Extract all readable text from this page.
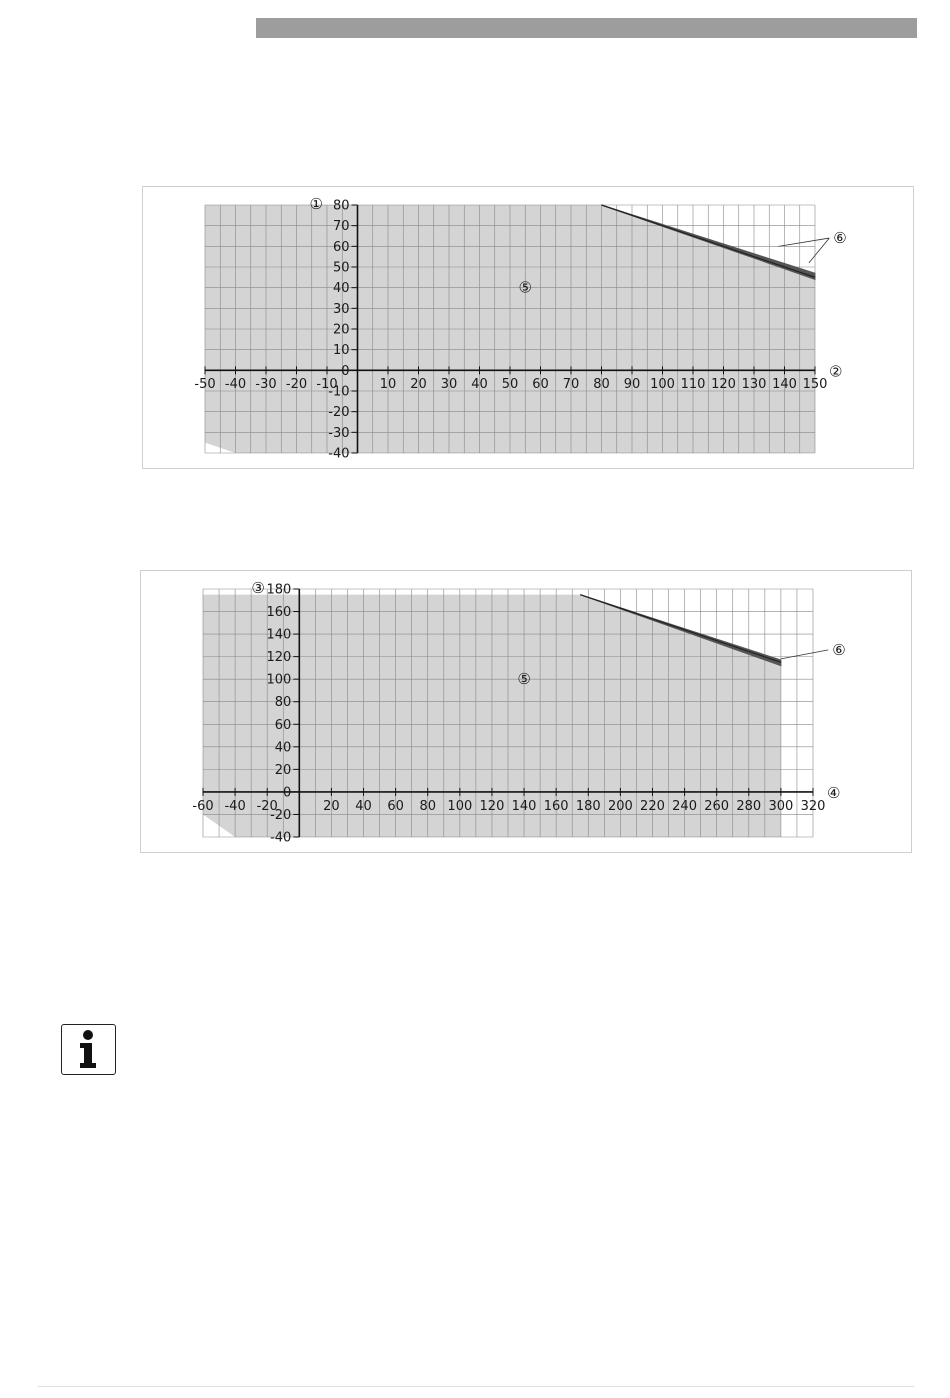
-50 -40 -30 -20 -10	10 20 30 40 50 60 70 80 90 100 110 120 130 140 150
80
70
60
50
40
30
20
10
0
-10
-20
-30
-40
①
②
⑤
⑥
-60 -40 -20	20 40 60 80 100 120 140 160 180 200 220 240 260 280 300 320
180
160
140
120
100
80
60
40
20
0
-20
-40
③
④
⑤
⑥
